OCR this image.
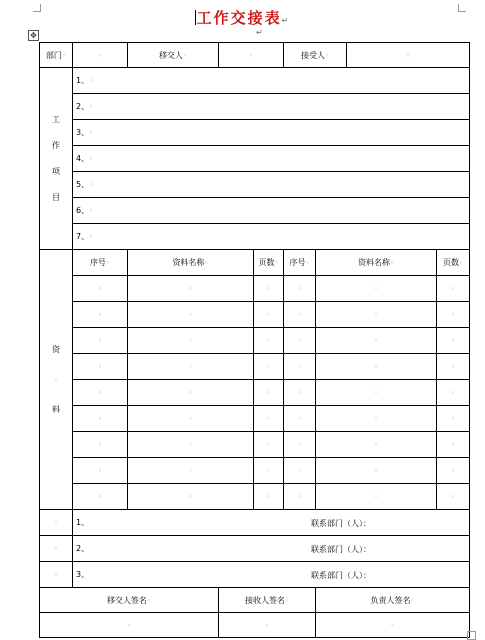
工作交接表↵
✥	↵
部门◦	◦	移交人◦	◦		接受人◦		◦	

工
作
项
目	1、◦							
	2、◦							
	3、◦							
	4、◦							
	5、◦							
	6、◦							
	7、◦							

资
◦
料	序号◦	资料名称◦		页数◦	序号◦	资料名称◦		页数◦
	◦	◦		◦	◦	◦		◦
	◦	◦		◦	◦	◦		◦
	◦	◦		◦	◦	◦		◦
	◦	◦		◦	◦	◦		◦
	◦	◦		◦	◦	◦		◦
	◦	◦		◦	◦	◦		◦
	◦	◦		◦	◦	◦		◦
	◦	◦		◦	◦	◦		◦
	◦	◦		◦	◦	◦		◦
◦	1、 联系部门（人）：							

◦	2、 联系部门（人）：							

◦	3、 联系部门（人）：							

移交人签名◦			接收人签名◦			负责人签名◦		
◦			◦			◦		
